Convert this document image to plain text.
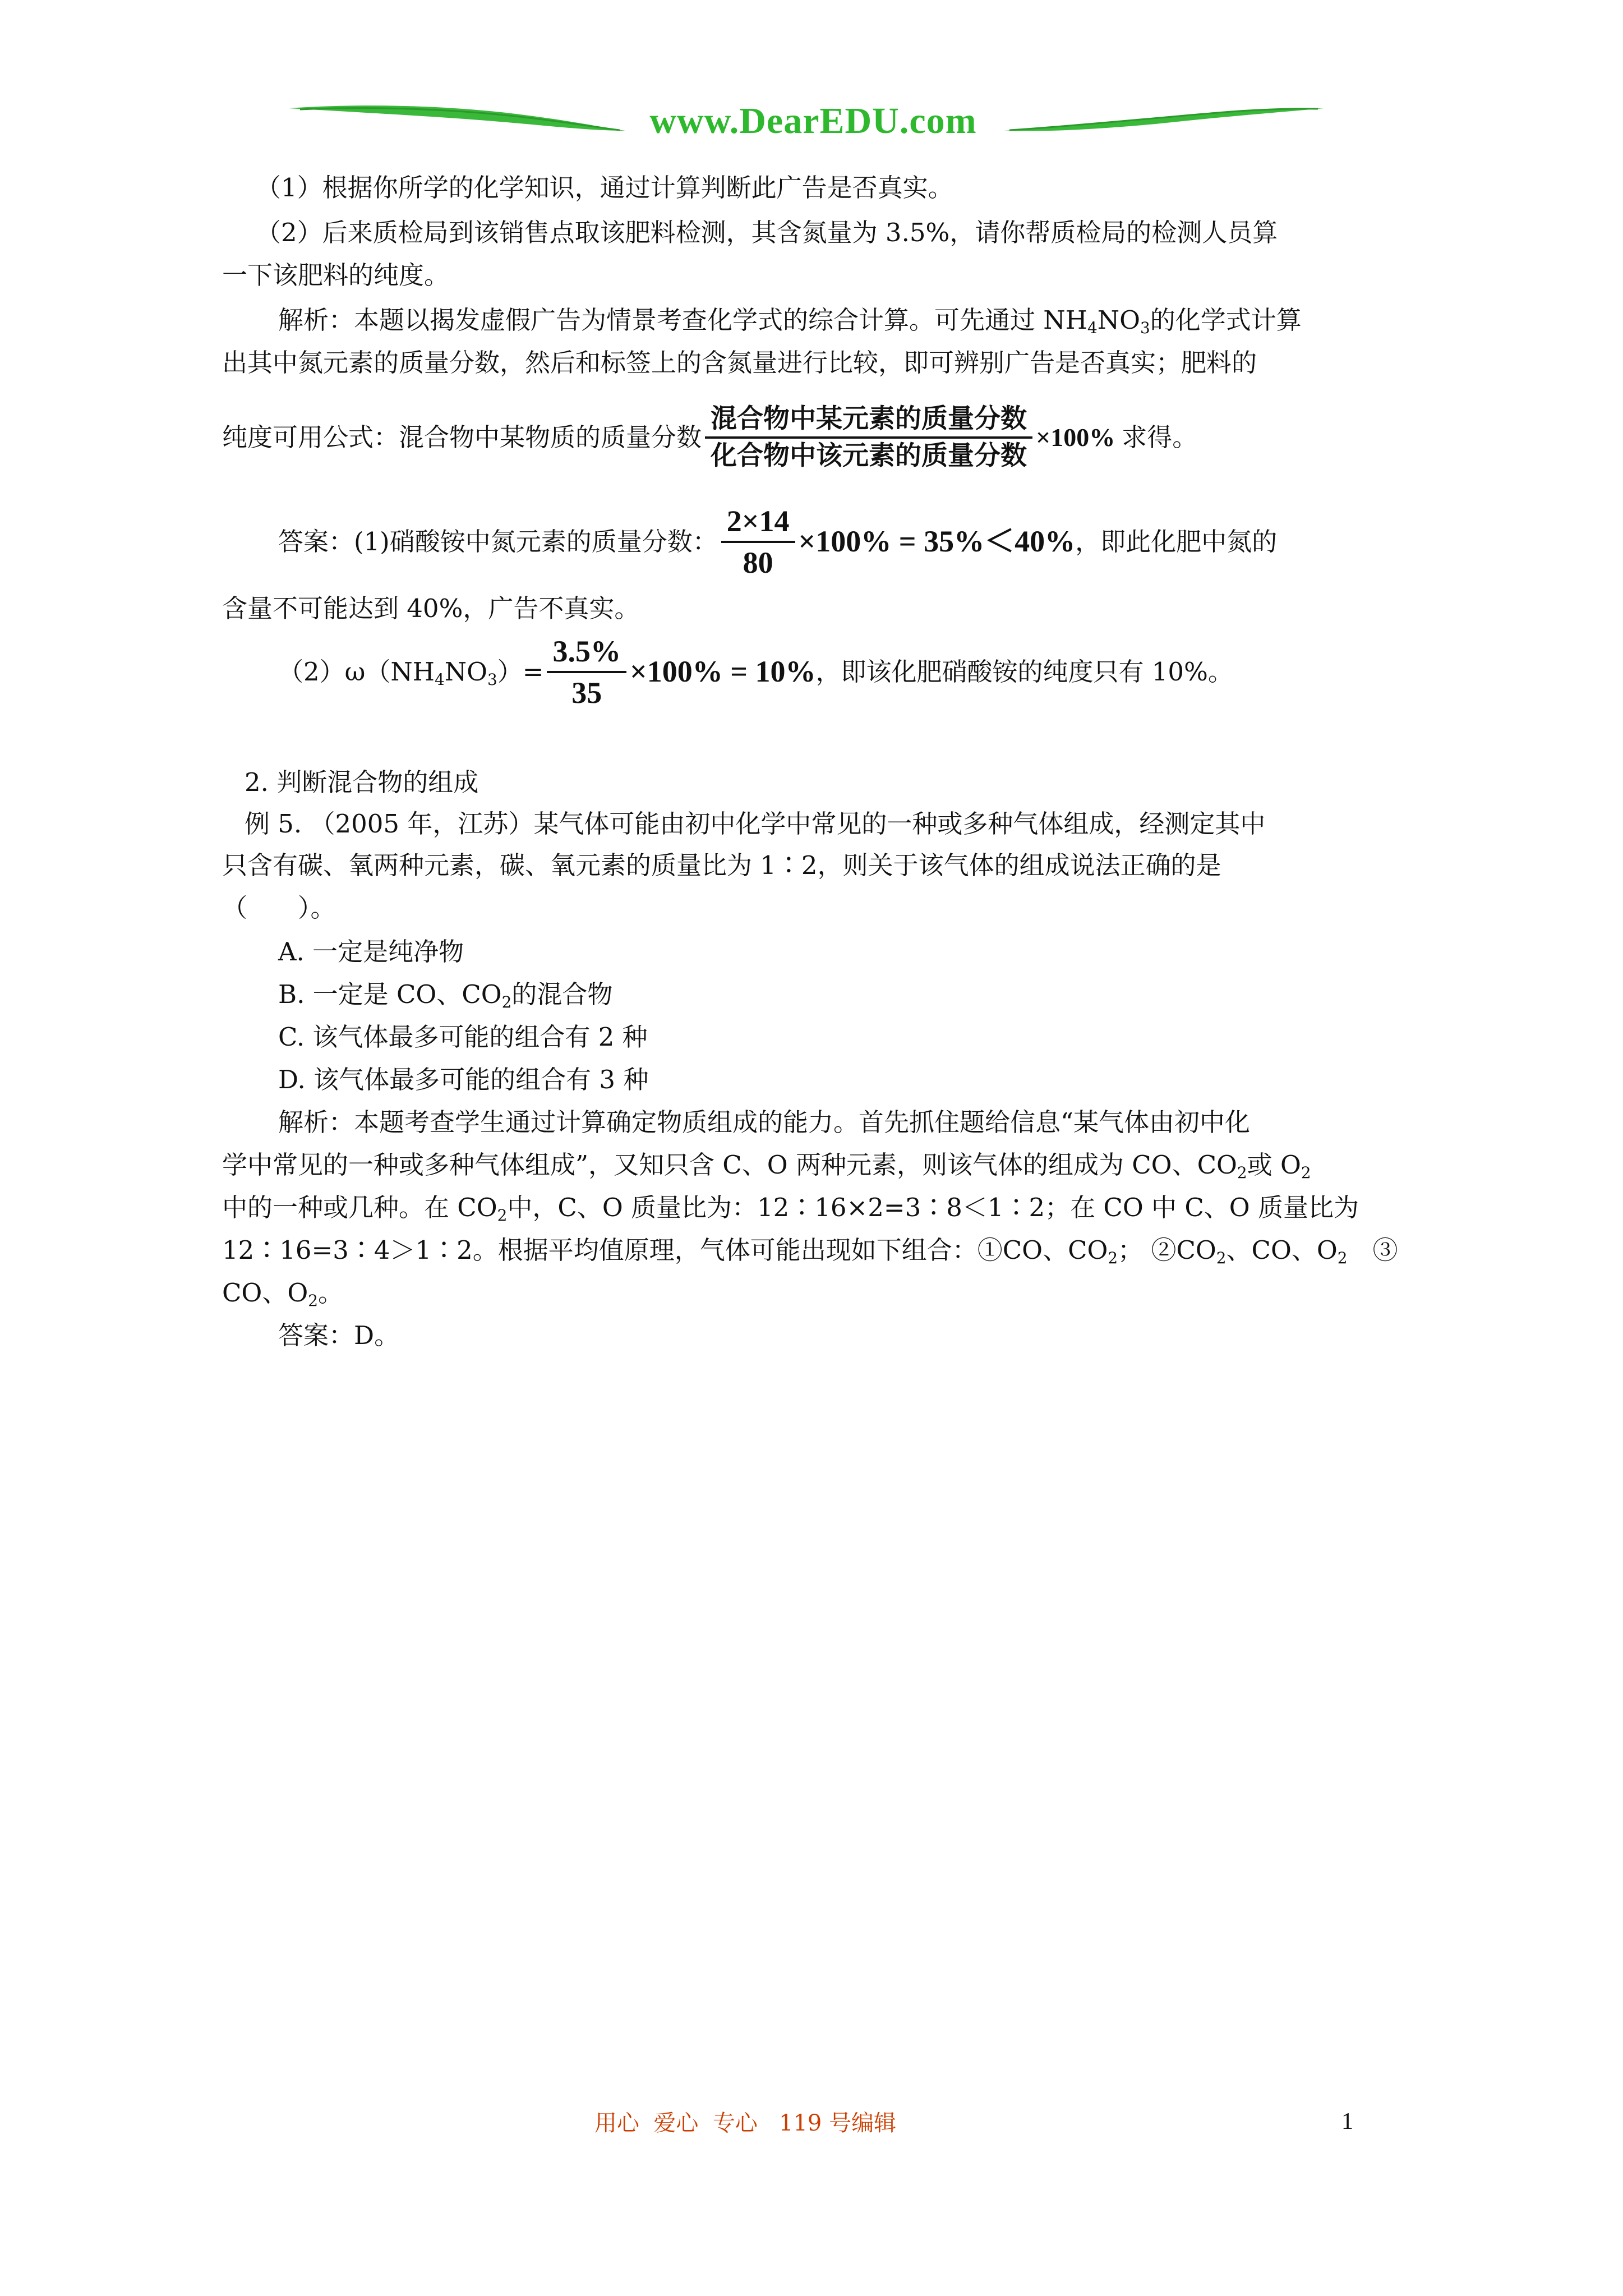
www.DearEDU.com
（1）根据你所学的化学知识，通过计算判断此广告是否真实。
（2）后来质检局到该销售点取该肥料检测，其含氮量为 3.5%，请你帮质检局的检测人员算
一下该肥料的纯度。
解析：本题以揭发虚假广告为情景考查化学式的综合计算。可先通过 $NH_4NO_3$的化学式计算
出其中氮元素的质量分数，然后和标签上的含氮量进行比较，即可辨别广告是否真实；肥料的
纯度可用公式：混合物中某物质的质量分数 $\frac{\text{混合物中某元素的质量分数}}{\text{化合物中该元素的质量分数}} \times 100\%$ 求得。
答案：(1)硝酸铵中氮元素的质量分数： $\frac{2\times 14}{80} \times 100\% = 35\%<40\%$ ，即此化肥中氮的
含量不可能达到 40%，广告不真实。
$(2)\omega(NH_4NO_3)= \frac{3.5\%}{35} \times 100\% = 10\%$ ，即该化肥硝酸铵的纯度只有 10%。
2. 判断混合物的组成
例 5. （2005 年，江苏）某气体可能由初中化学中常见的一种或多种气体组成，经测定其中
只含有碳、氧两种元素，碳、氧元素的质量比为 1∶2，则关于该气体的组成说法正确的是
（　　）。
A. 一定是纯净物
B. 一定是 CO、$CO_2$的混合物
C. 该气体最多可能的组合有 2 种
D. 该气体最多可能的组合有 3 种
解析：本题考查学生通过计算确定物质组成的能力。首先抓住题给信息“某气体由初中化
学中常见的一种或多种气体组成”，又知只含 C、O 两种元素，则该气体的组成为 CO、$CO_2$或 $O_2$
中的一种或几种。在 $CO_2$中，C、O 质量比为：12∶16×2=3∶8＜1∶2；在 CO 中 C、O 质量比为
12∶16=3∶4＞1∶2。根据平均值原理，气体可能出现如下组合：①CO、$CO_2$； $②CO_2$、CO、$O_2$　③
CO、$O_2$。
答案：D。
用心  爱心  专心   119 号编辑	1
